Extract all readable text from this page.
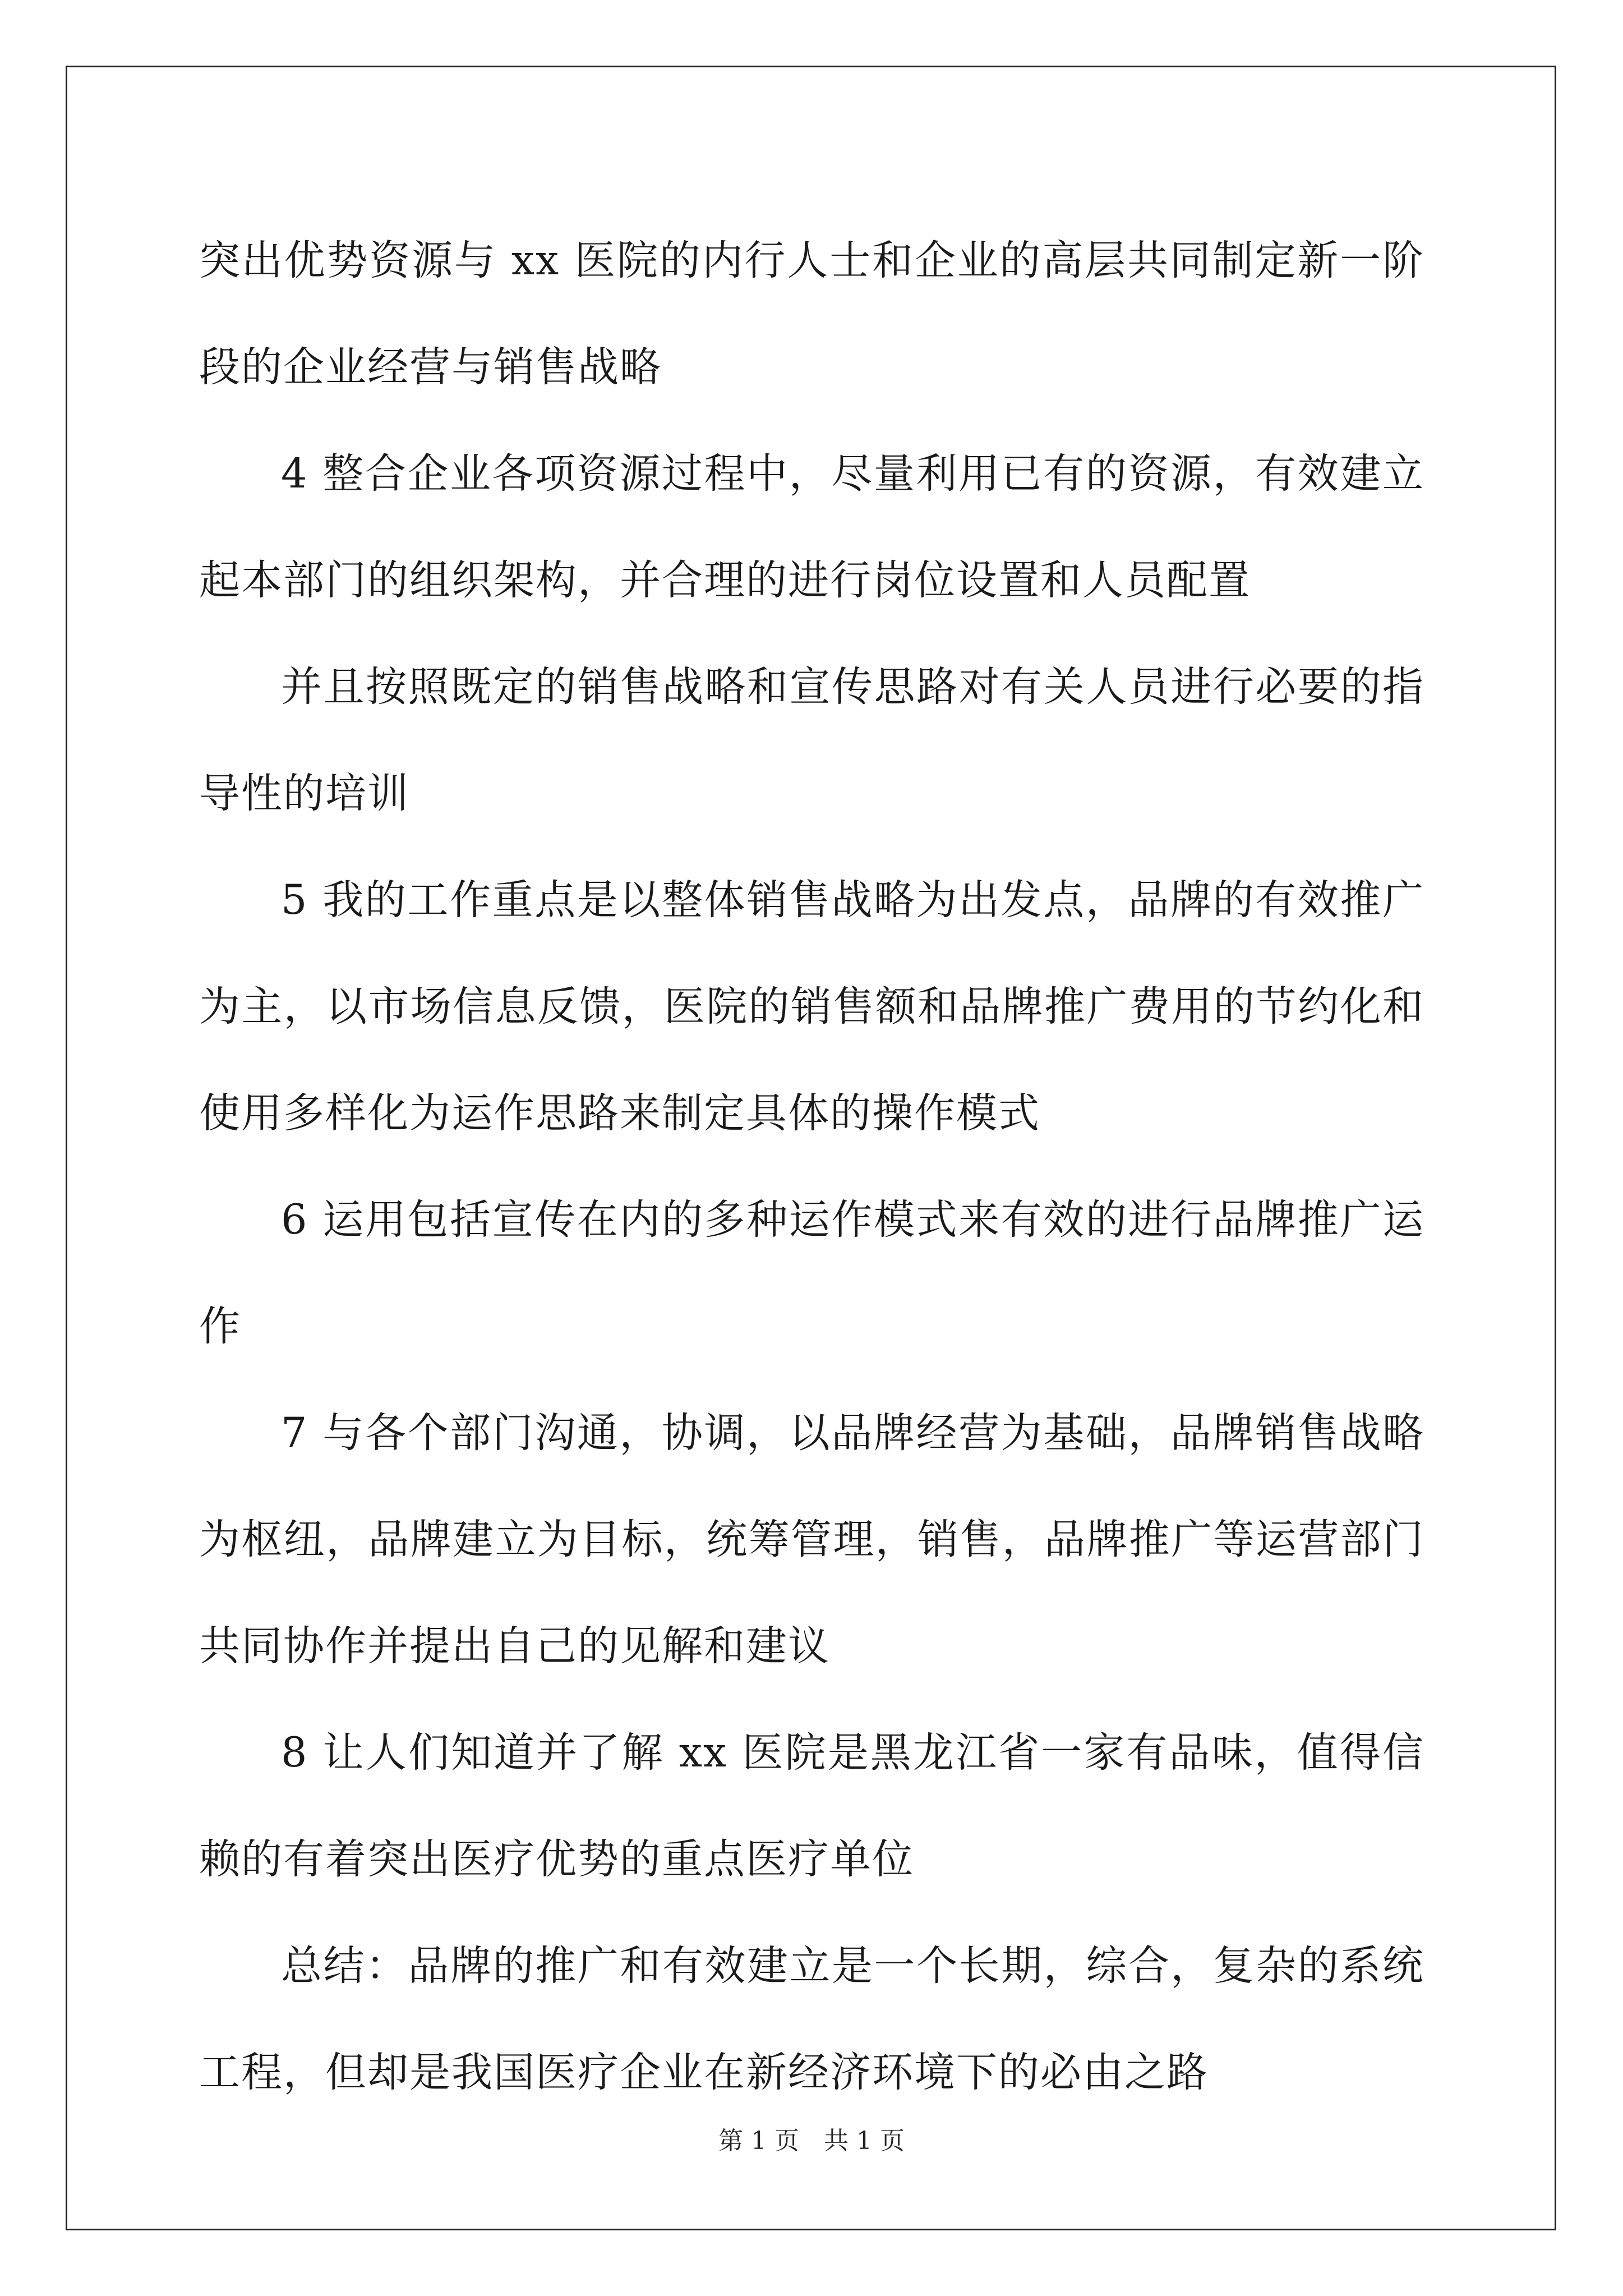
突出优势资源与 xx 医院的内行人士和企业的高层共同制定新一阶段的企业经营与销售战略

4 整合企业各项资源过程中，尽量利用已有的资源，有效建立起本部门的组织架构，并合理的进行岗位设置和人员配置

并且按照既定的销售战略和宣传思路对有关人员进行必要的指导性的培训

5 我的工作重点是以整体销售战略为出发点，品牌的有效推广为主，以市场信息反馈，医院的销售额和品牌推广费用的节约化和使用多样化为运作思路来制定具体的操作模式

6 运用包括宣传在内的多种运作模式来有效的进行品牌推广运作

7 与各个部门沟通，协调，以品牌经营为基础，品牌销售战略为枢纽，品牌建立为目标，统筹管理，销售，品牌推广等运营部门共同协作并提出自己的见解和建议

8 让人们知道并了解 xx 医院是黑龙江省一家有品味，值得信赖的有着突出医疗优势的重点医疗单位

总结：品牌的推广和有效建立是一个长期，综合，复杂的系统工程，但却是我国医疗企业在新经济环境下的必由之路

第 1 页　共 1 页
